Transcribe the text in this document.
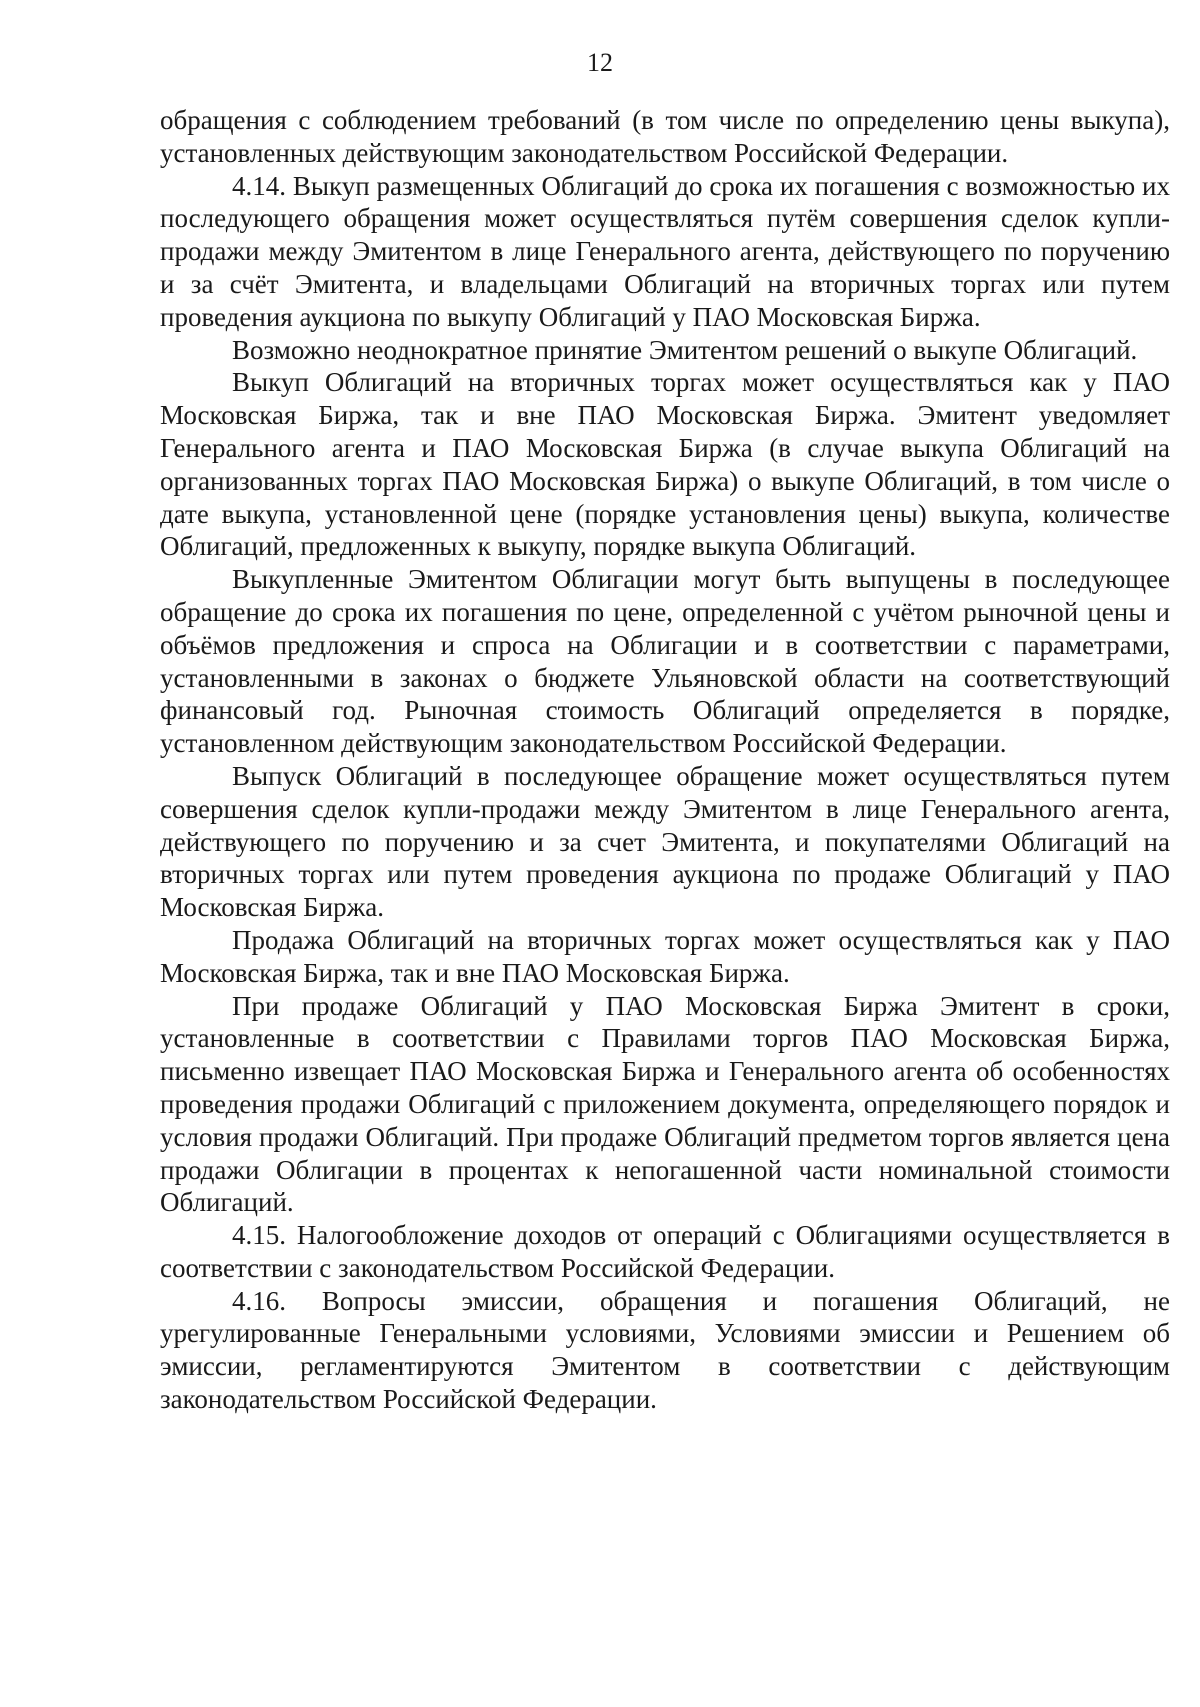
12

обращения с соблюдением требований (в том числе по определению цены выкупа), установленных действующим законодательством Российской Федерации.

4.14. Выкуп размещенных Облигаций до срока их погашения с возможностью их последующего обращения может осуществляться путём совершения сделок купли-продажи между Эмитентом в лице Генерального агента, действующего по поручению и за счёт Эмитента, и владельцами Облигаций на вторичных торгах или путем проведения аукциона по выкупу Облигаций у ПАО Московская Биржа.

Возможно неоднократное принятие Эмитентом решений о выкупе Облигаций.

Выкуп Облигаций на вторичных торгах может осуществляться как у ПАО Московская Биржа, так и вне ПАО Московская Биржа. Эмитент уведомляет Генерального агента и ПАО Московская Биржа (в случае выкупа Облигаций на организованных торгах ПАО Московская Биржа) о выкупе Облигаций, в том числе о дате выкупа, установленной цене (порядке установления цены) выкупа, количестве Облигаций, предложенных к выкупу, порядке выкупа Облигаций.

Выкупленные Эмитентом Облигации могут быть выпущены в последующее обращение до срока их погашения по цене, определенной с учётом рыночной цены и объёмов предложения и спроса на Облигации и в соответствии с параметрами, установленными в законах о бюджете Ульяновской области на соответствующий финансовый год. Рыночная стоимость Облигаций определяется в порядке, установленном действующим законодательством Российской Федерации.

Выпуск Облигаций в последующее обращение может осуществляться путем совершения сделок купли-продажи между Эмитентом в лице Генерального агента, действующего по поручению и за счет Эмитента, и покупателями Облигаций на вторичных торгах или путем проведения аукциона по продаже Облигаций у ПАО Московская Биржа.

Продажа Облигаций на вторичных торгах может осуществляться как у ПАО Московская Биржа, так и вне ПАО Московская Биржа.

При продаже Облигаций у ПАО Московская Биржа Эмитент в сроки, установленные в соответствии с Правилами торгов ПАО Московская Биржа, письменно извещает ПАО Московская Биржа и Генерального агента об особенностях проведения продажи Облигаций с приложением документа, определяющего порядок и условия продажи Облигаций. При продаже Облигаций предметом торгов является цена продажи Облигации в процентах к непогашенной части номинальной стоимости Облигаций.

4.15. Налогообложение доходов от операций с Облигациями осуществляется в соответствии с законодательством Российской Федерации.

4.16. Вопросы эмиссии, обращения и погашения Облигаций, не урегулированные Генеральными условиями, Условиями эмиссии и Решением об эмиссии, регламентируются Эмитентом в соответствии с действующим законодательством Российской Федерации.
